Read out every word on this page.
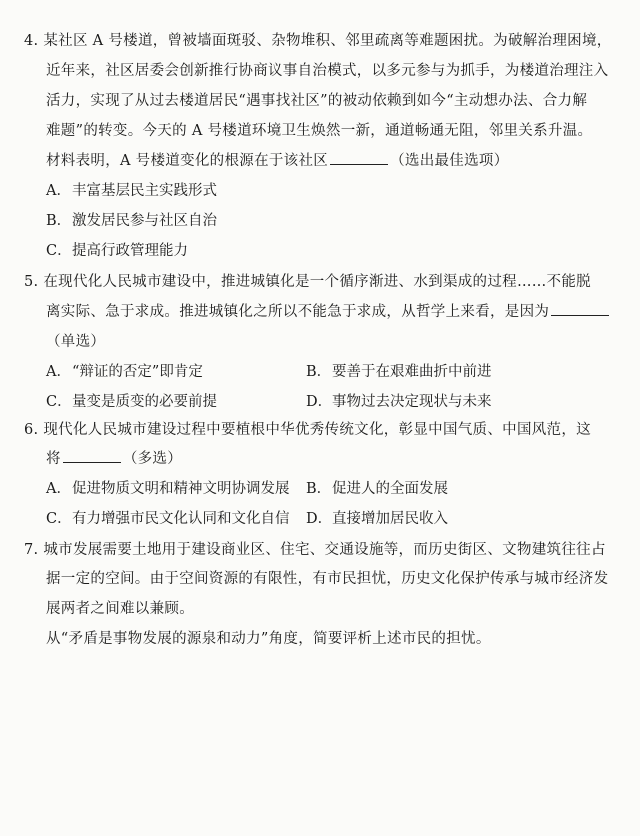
4. 某社区 A 号楼道，曾被墙面斑驳、杂物堆积、邻里疏离等难题困扰。为破解治理困境，
近年来，社区居委会创新推行协商议事自治模式，以多元参与为抓手，为楼道治理注入
活力，实现了从过去楼道居民“遇事找社区”的被动依赖到如今“主动想办法、合力解
难题”的转变。今天的 A 号楼道环境卫生焕然一新，通道畅通无阻，邻里关系升温。
材料表明，A 号楼道变化的根源在于该社区	（选出最佳选项）
A．丰富基层民主实践形式
B．激发居民参与社区自治
C．提高行政管理能力
5. 在现代化人民城市建设中，推进城镇化是一个循序渐进、水到渠成的过程……不能脱
离实际、急于求成。推进城镇化之所以不能急于求成，从哲学上来看，是因为
（单选）
A．“辩证的否定”即肯定	B．要善于在艰难曲折中前进
C．量变是质变的必要前提	D．事物过去决定现状与未来
6. 现代化人民城市建设过程中要植根中华优秀传统文化，彰显中国气质、中国风范，这
将	（多选）
A．促进物质文明和精神文明协调发展 B．促进人的全面发展
C．有力增强市民文化认同和文化自信 D．直接增加居民收入
7. 城市发展需要土地用于建设商业区、住宅、交通设施等，而历史街区、文物建筑往往占
据一定的空间。由于空间资源的有限性，有市民担忧，历史文化保护传承与城市经济发
展两者之间难以兼顾。
从“矛盾是事物发展的源泉和动力”角度，简要评析上述市民的担忧。
